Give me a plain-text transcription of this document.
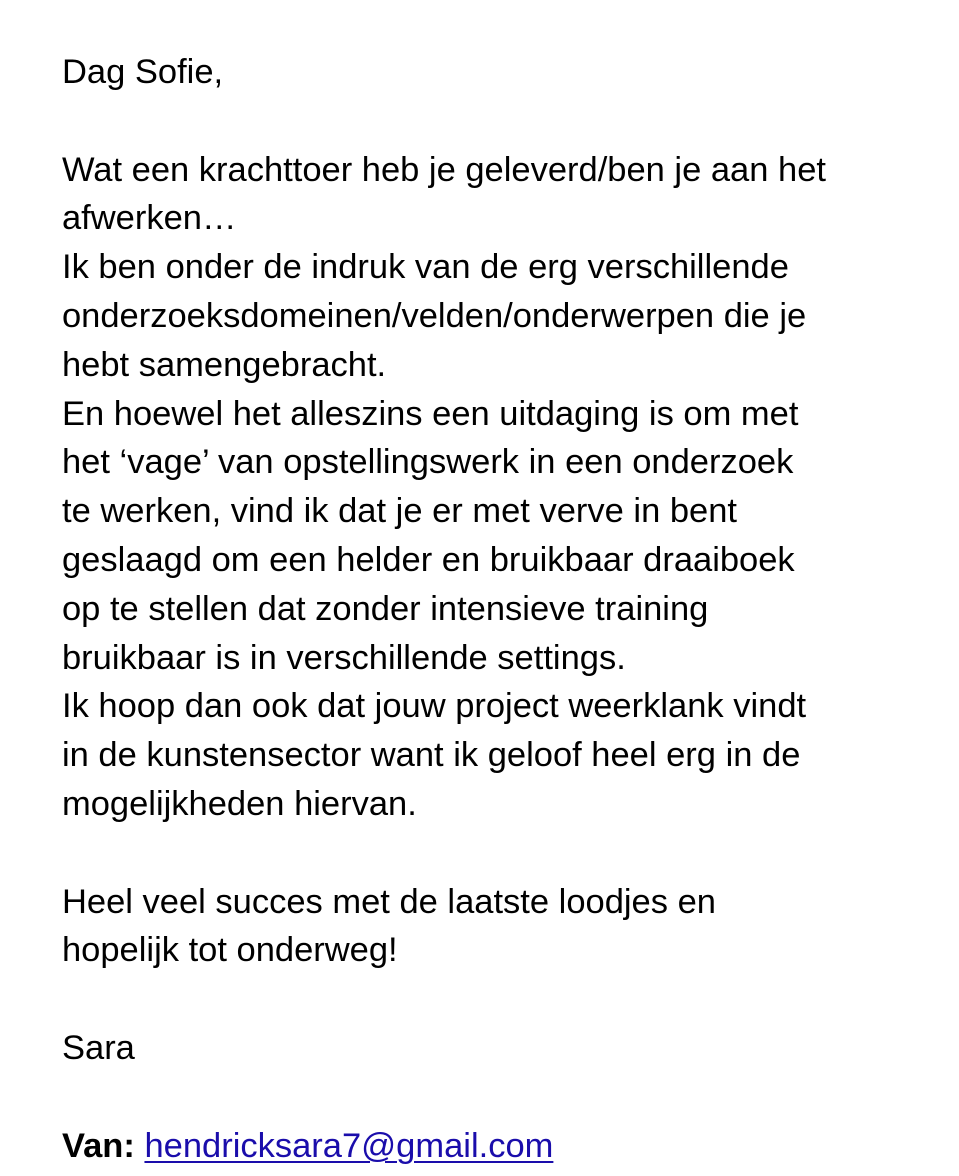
Dag Sofie,
Wat een krachttoer heb je geleverd/ben je aan het
afwerken…
Ik ben onder de indruk van de erg verschillende
onderzoeksdomeinen/velden/onderwerpen die je
hebt samengebracht.
En hoewel het alleszins een uitdaging is om met
het ‘vage’ van opstellingswerk in een onderzoek
te werken, vind ik dat je er met verve in bent
geslaagd om een helder en bruikbaar draaiboek
op te stellen dat zonder intensieve training
bruikbaar is in verschillende settings.
Ik hoop dan ook dat jouw project weerklank vindt
in de kunstensector want ik geloof heel erg in de
mogelijkheden hiervan.
Heel veel succes met de laatste loodjes en
hopelijk tot onderweg!
Sara
Van: hendricksara7@gmail.com
